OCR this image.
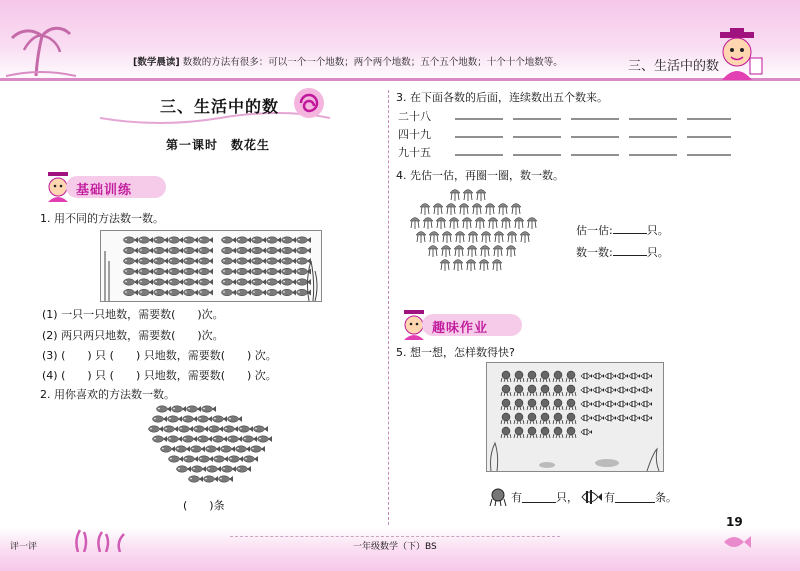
[数学晨读] 数数的方法有很多：可以一个一个地数；两个两个地数；五个五个地数；十个十个地数等。	三、生活中的数
三、生活中的数
第一课时　数花生
基础训练
1. 用不同的方法数一数。
(1) 一只一只地数，需要数(　　)次。
(2) 两只两只地数，需要数(　　)次。
(3) (　　) 只 (　　) 只地数，需要数(　　) 次。
(4) (　　) 只 (　　) 只地数，需要数(　　) 次。
2. 用你喜欢的方法数一数。
(　　)条
3. 在下面各数的后面，连续数出五个数来。
二十八
四十九
九十五
4. 先估一估，再圈一圈，数一数。
估一估:	只。
数一数:	只。
趣味作业
5. 想一想，怎样数得快?
有	只， 有	条。
评一评	一年级数学（下）BS
19
